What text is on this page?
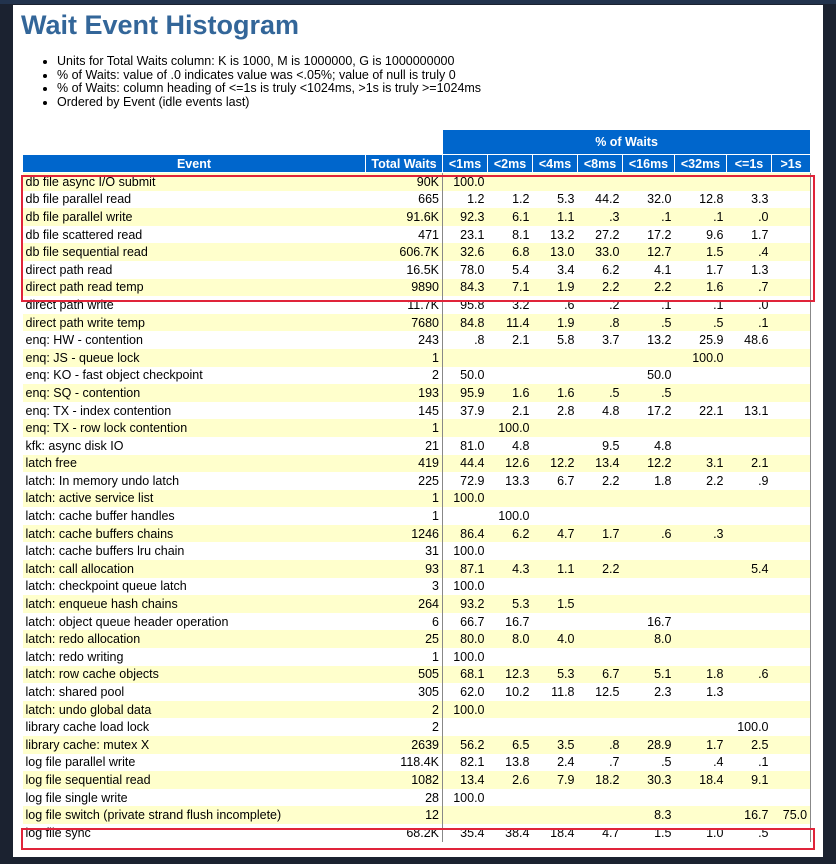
Wait Event Histogram
• Units for Total Waits column: K is 1000, M is 1000000, G is 1000000000
• % of Waits: value of .0 indicates value was <.05%; value of null is truly 0
• % of Waits: column heading of <=1s is truly <1024ms, >1s is truly >=1024ms
• Ordered by Event (idle events last)
		% of Waits							
Event	Total Waits	<1ms	<2ms	<4ms	<8ms	<16ms	<32ms	<=1s	>1s
db file async I/O submit	90K	100.0							
db file parallel read	665	1.2	1.2	5.3	44.2	32.0	12.8	3.3	
db file parallel write	91.6K	92.3	6.1	1.1	.3	.1	.1	.0	
db file scattered read	471	23.1	8.1	13.2	27.2	17.2	9.6	1.7	
db file sequential read	606.7K	32.6	6.8	13.0	33.0	12.7	1.5	.4	
direct path read	16.5K	78.0	5.4	3.4	6.2	4.1	1.7	1.3	
direct path read temp	9890	84.3	7.1	1.9	2.2	2.2	1.6	.7	
direct path write	11.7K	95.8	3.2	.6	.2	.1	.1	.0	
direct path write temp	7680	84.8	11.4	1.9	.8	.5	.5	.1	
enq: HW - contention	243	.8	2.1	5.8	3.7	13.2	25.9	48.6	
enq: JS - queue lock	1						100.0		
enq: KO - fast object checkpoint	2	50.0				50.0			
enq: SQ - contention	193	95.9	1.6	1.6	.5	.5			
enq: TX - index contention	145	37.9	2.1	2.8	4.8	17.2	22.1	13.1	
enq: TX - row lock contention	1		100.0						
kfk: async disk IO	21	81.0	4.8		9.5	4.8			
latch free	419	44.4	12.6	12.2	13.4	12.2	3.1	2.1	
latch: In memory undo latch	225	72.9	13.3	6.7	2.2	1.8	2.2	.9	
latch: active service list	1	100.0							
latch: cache buffer handles	1		100.0						
latch: cache buffers chains	1246	86.4	6.2	4.7	1.7	.6	.3		
latch: cache buffers lru chain	31	100.0							
latch: call allocation	93	87.1	4.3	1.1	2.2			5.4	
latch: checkpoint queue latch	3	100.0							
latch: enqueue hash chains	264	93.2	5.3	1.5					
latch: object queue header operation	6	66.7	16.7			16.7			
latch: redo allocation	25	80.0	8.0	4.0		8.0			
latch: redo writing	1	100.0							
latch: row cache objects	505	68.1	12.3	5.3	6.7	5.1	1.8	.6	
latch: shared pool	305	62.0	10.2	11.8	12.5	2.3	1.3		
latch: undo global data	2	100.0							
library cache load lock	2							100.0	
library cache: mutex X	2639	56.2	6.5	3.5	.8	28.9	1.7	2.5	
log file parallel write	118.4K	82.1	13.8	2.4	.7	.5	.4	.1	
log file sequential read	1082	13.4	2.6	7.9	18.2	30.3	18.4	9.1	
log file single write	28	100.0							
log file switch (private strand flush incomplete)	12					8.3		16.7	75.0
log file sync	68.2K	35.4	38.4	18.4	4.7	1.5	1.0	.5	
